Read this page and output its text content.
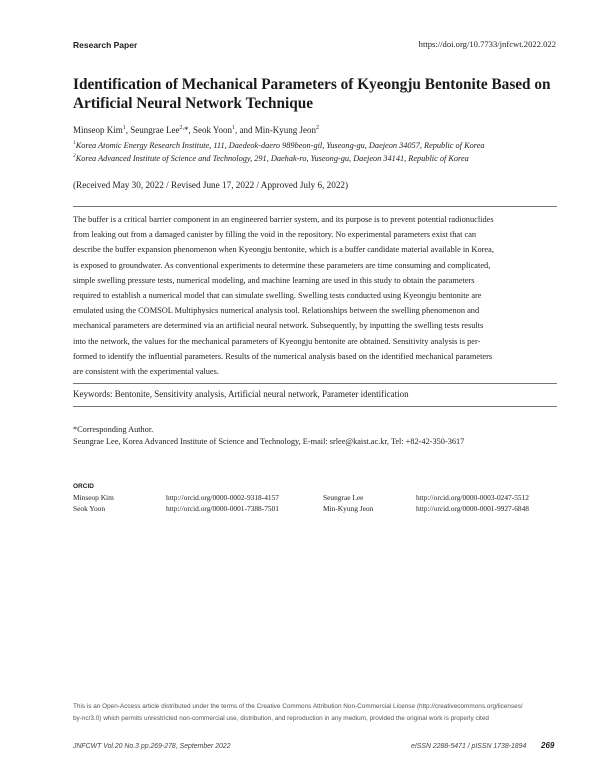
Research Paper	https://doi.org/10.7733/jnfcwt.2022.022
Identification of Mechanical Parameters of Kyeongju Bentonite Based on
Artificial Neural Network Technique
Minseop Kim$^1$, Seungrae Lee$^{2,}$*, Seok Yoon$^1$, and Min-Kyung Jeon$^2$
$^1$Korea Atomic Energy Research Institute, 111, Daedeok-daero 989beon-gil, Yuseong-gu, Daejeon 34057, Republic of Korea
$^2$Korea Advanced Institute of Science and Technology, 291, Daehak-ro, Yuseong-gu, Daejeon 34141, Republic of Korea
(Received May 30, 2022 / Revised June 17, 2022 / Approved July 6, 2022)
The buffer is a critical barrier component in an engineered barrier system, and its purpose is to prevent potential radionuclides
from leaking out from a damaged canister by filling the void in the repository. No experimental parameters exist that can
describe the buffer expansion phenomenon when Kyeongju bentonite, which is a buffer candidate material available in Korea,
is exposed to groundwater. As conventional experiments to determine these parameters are time consuming and complicated,
simple swelling pressure tests, numerical modeling, and machine learning are used in this study to obtain the parameters
required to establish a numerical model that can simulate swelling. Swelling tests conducted using Kyeongju bentonite are
emulated using the COMSOL Multiphysics numerical analysis tool. Relationships between the swelling phenomenon and
mechanical parameters are determined via an artificial neural network. Subsequently, by inputting the swelling tests results
into the network, the values for the mechanical parameters of Kyeongju bentonite are obtained. Sensitivity analysis is per-
formed to identify the influential parameters. Results of the numerical analysis based on the identified mechanical parameters
are consistent with the experimental values.
Keywords: Bentonite, Sensitivity analysis, Artificial neural network, Parameter identification
*Corresponding Author.
Seungrae Lee, Korea Advanced Institute of Science and Technology, E-mail: srlee@kaist.ac.kr, Tel: +82-42-350-3617
ORCID
Minseop Kim	http://orcid.org/0000-0002-9318-4157	Seungrae Lee	http://orcid.org/0000-0003-0247-5512
Seok Yoon	http://orcid.org/0000-0001-7388-7501	Min-Kyung Jeon	http://orcid.org/0000-0001-9927-6848
This is an Open-Access article distributed under the terms of the Creative Commons Attribution Non-Commercial License (http://creativecommons.org/licenses/
by-nc/3.0) which permits unrestricted non-commercial use, distribution, and reproduction in any medium, provided the original work is properly cited
JNFCWT Vol.20 No.3 pp.269-278, September 2022	eISSN 2288-5471 / pISSN 1738-1894 269
